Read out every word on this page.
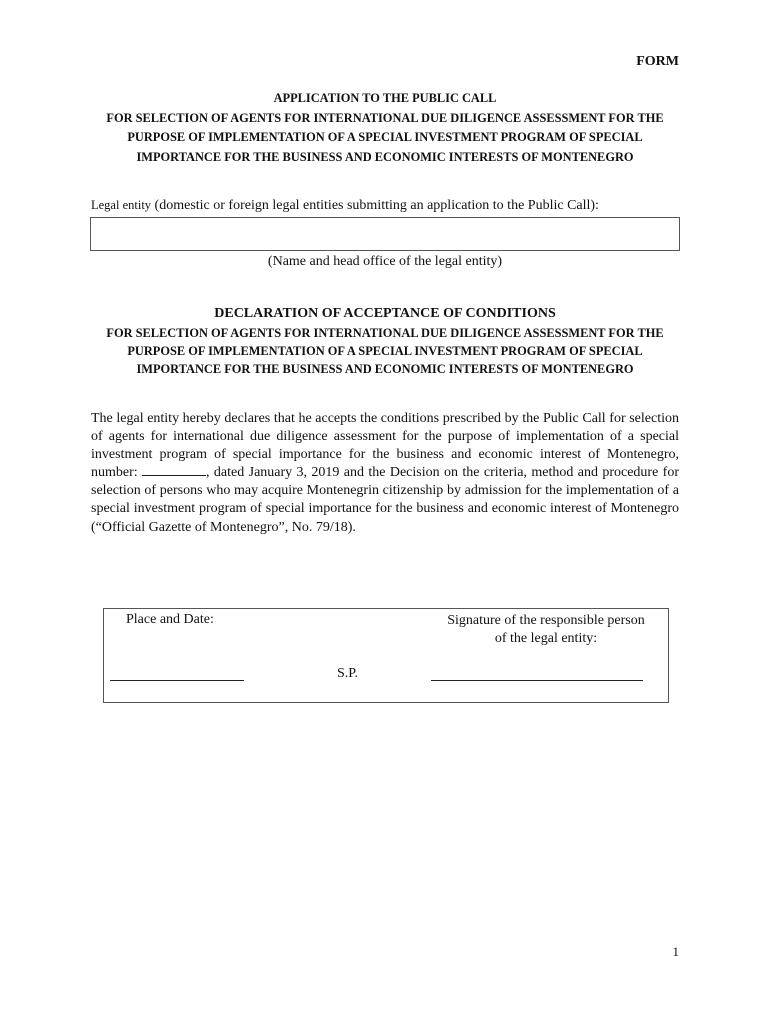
FORM
APPLICATION TO THE PUBLIC CALL
FOR SELECTION OF AGENTS FOR INTERNATIONAL DUE DILIGENCE ASSESSMENT FOR THE
PURPOSE OF IMPLEMENTATION OF A SPECIAL INVESTMENT PROGRAM OF SPECIAL
IMPORTANCE FOR THE BUSINESS AND ECONOMIC INTERESTS OF MONTENEGRO
Legal entity (domestic or foreign legal entities submitting an application to the Public Call):
(Name and head office of the legal entity)
DECLARATION OF ACCEPTANCE OF CONDITIONS
FOR SELECTION OF AGENTS FOR INTERNATIONAL DUE DILIGENCE ASSESSMENT FOR THE
PURPOSE OF IMPLEMENTATION OF A SPECIAL INVESTMENT PROGRAM OF SPECIAL
IMPORTANCE FOR THE BUSINESS AND ECONOMIC INTERESTS OF MONTENEGRO
The legal entity hereby declares that he accepts the conditions prescribed by the Public Call for selection of agents for international due diligence assessment for the purpose of implementation of a special investment program of special importance for the business and economic interest of Montenegro, number:	, dated January 3, 2019 and the Decision on the criteria, method and procedure for selection of persons who may acquire Montenegrin citizenship by admission for the implementation of a special investment program of special importance for the business and economic interest of Montenegro (“Official Gazette of Montenegro”, No. 79/18).
Place and Date:	Signature of the responsible person
of the legal entity:
S.P.
1
